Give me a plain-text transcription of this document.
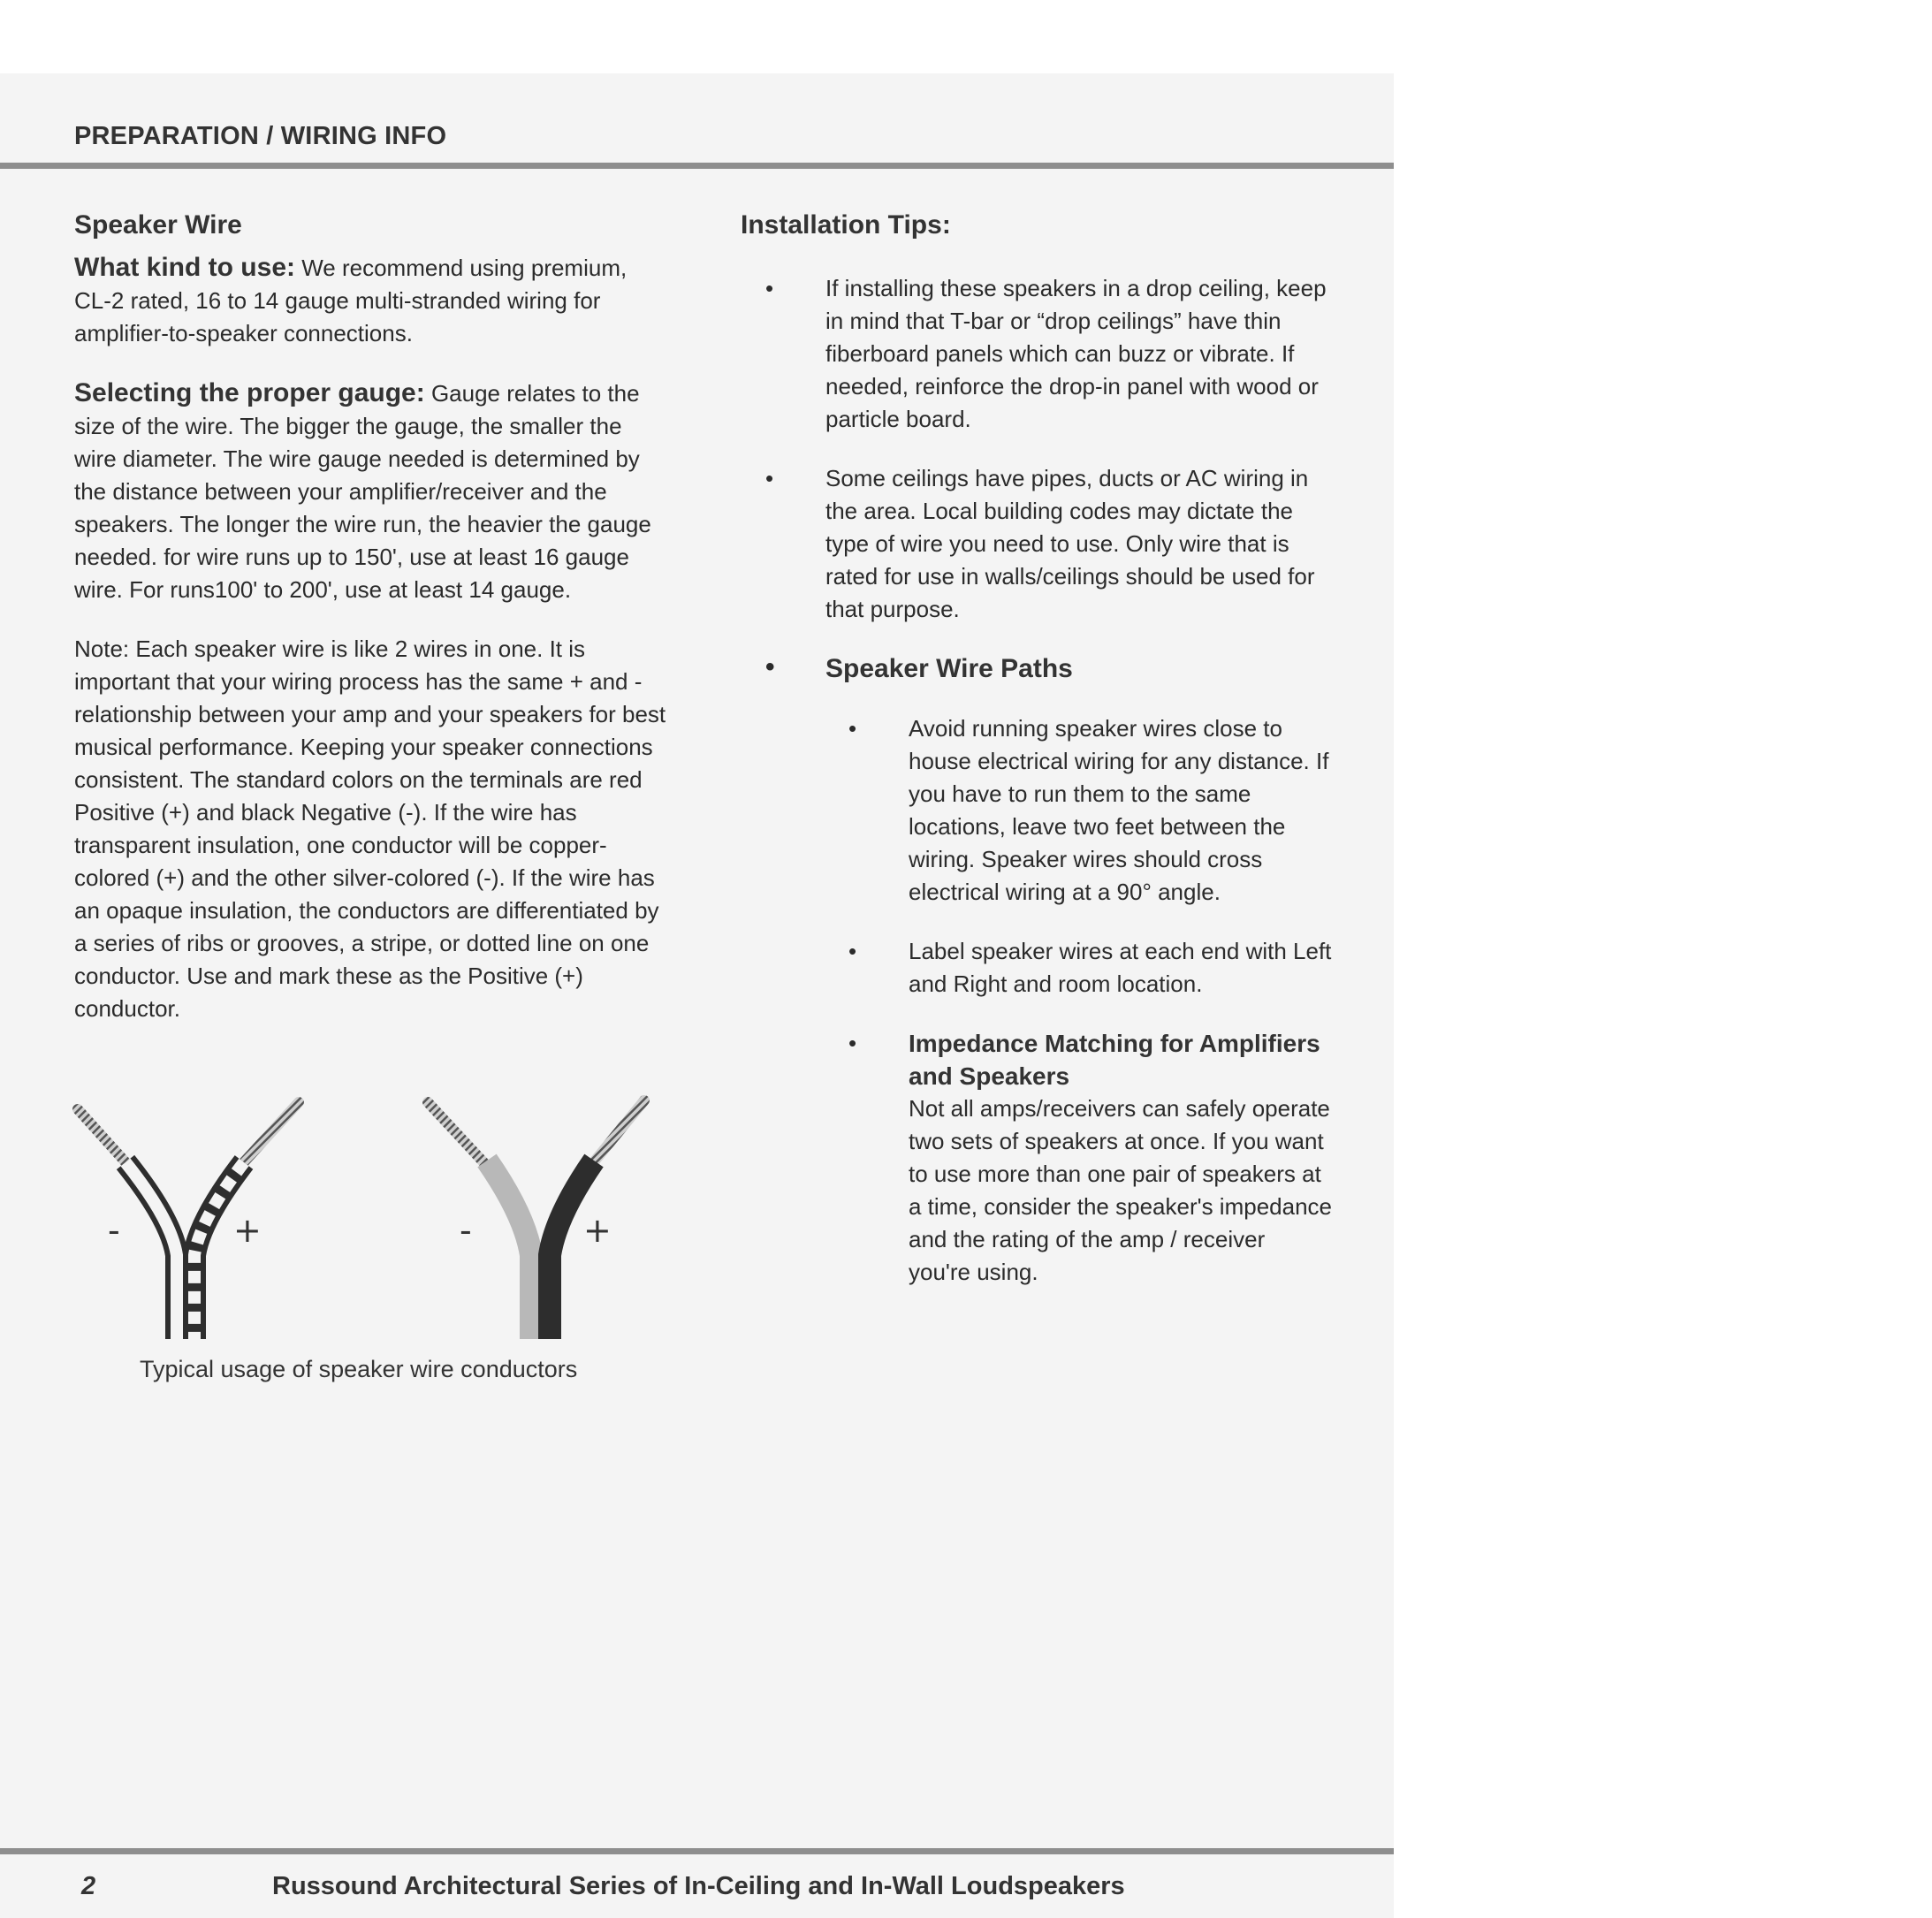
PREPARATION / WIRING INFO
Speaker Wire

What kind to use: We recommend using premium, CL-2 rated, 16 to 14 gauge multi-stranded wiring for amplifier-to-speaker connections.

Selecting the proper gauge: Gauge relates to the size of the wire. The bigger the gauge, the smaller the wire diameter. The wire gauge needed is determined by the distance between your amplifier/receiver and the speakers. The longer the wire run, the heavier the gauge needed. for wire runs up to 150', use at least 16 gauge wire. For runs100' to 200', use at least 14 gauge.

Note: Each speaker wire is like 2 wires in one. It is important that your wiring process has the same + and - relationship between your amp and your speakers for best musical performance. Keeping your speaker connections consistent. The standard colors on the terminals are red Positive (+) and black Negative (-). If the wire has transparent insulation, one conductor will be copper-colored (+) and the other silver-colored (-). If the wire has an opaque insulation, the conductors are differentiated by a series of ribs or grooves, a stripe, or dotted line on one conductor. Use and mark these as the Positive (+) conductor.

-	+	-	+
Typical usage of speaker wire conductors
Installation Tips:
• If installing these speakers in a drop ceiling, keep in mind that T-bar or “drop ceilings” have thin fiberboard panels which can buzz or vibrate. If needed, reinforce the drop-in panel with wood or particle board.

• Some ceilings have pipes, ducts or AC wiring in the area. Local building codes may dictate the type of wire you need to use. Only wire that is rated for use in walls/ceilings should be used for that purpose.

• Speaker Wire Paths
• Avoid running speaker wires close to house electrical wiring for any distance. If you have to run them to the same locations, leave two feet between the wiring. Speaker wires should cross electrical wiring at a 90° angle.

• Label speaker wires at each end with Left and Right and room location.

• Impedance Matching for Amplifiers and Speakers

Not all amps/receivers can safely operate two sets of speakers at once. If you want to use more than one pair of speakers at a time, consider the speaker's impedance and the rating of the amp / receiver you're using.

2	Russound Architectural Series of In-Ceiling and In-Wall Loudspeakers
